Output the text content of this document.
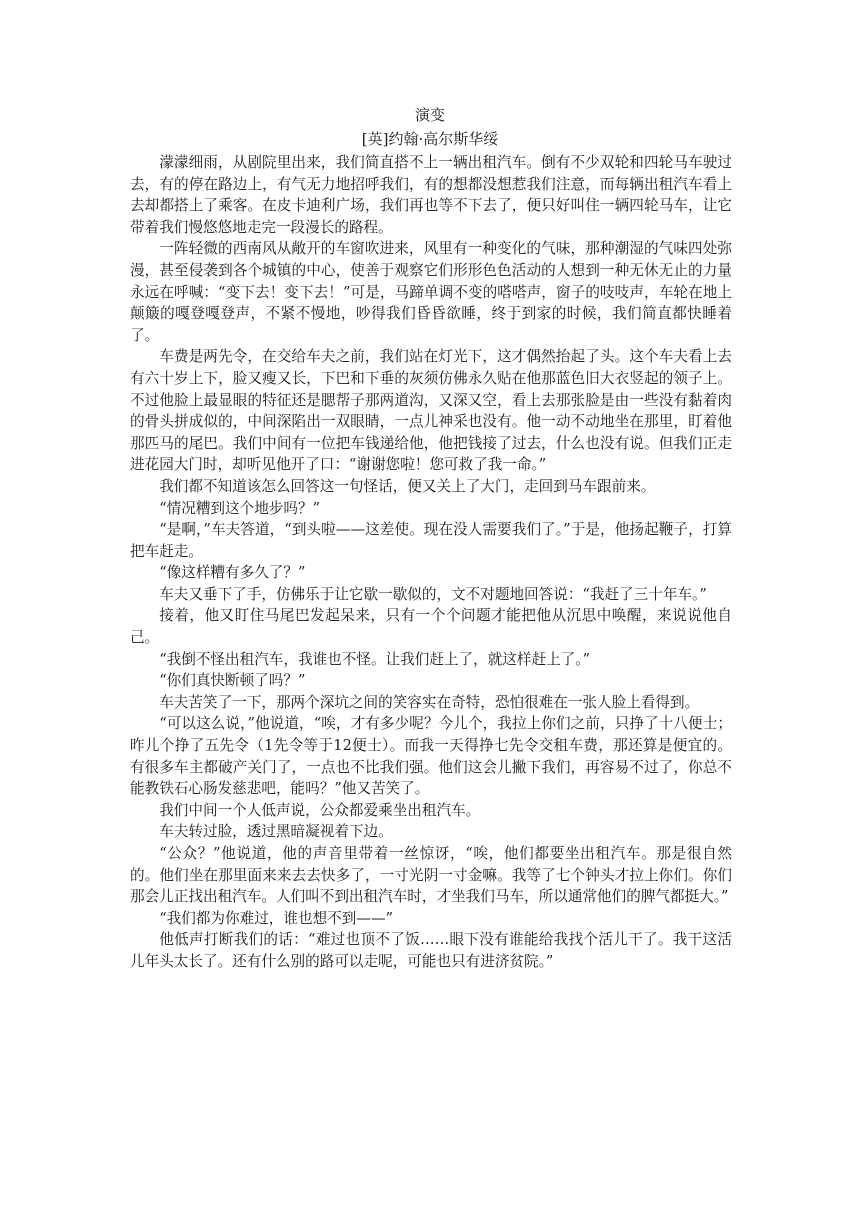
演变
[英]约翰·高尔斯华绥

濛濛细雨，从剧院里出来，我们简直搭不上一辆出租汽车。倒有不少双轮和四轮马车驶过去，有的停在路边上，有气无力地招呼我们，有的想都没想惹我们注意，而每辆出租汽车看上去却都搭上了乘客。在皮卡迪利广场，我们再也等不下去了，便只好叫住一辆四轮马车，让它带着我们慢悠悠地走完一段漫长的路程。

一阵轻微的西南风从敞开的车窗吹进来，风里有一种变化的气味，那种潮湿的气味四处弥漫，甚至侵袭到各个城镇的中心，使善于观察它们形形色色活动的人想到一种无休无止的力量永远在呼喊：“变下去！变下去！”可是，马蹄单调不变的嗒嗒声，窗子的吱吱声，车轮在地上颠簸的嘎登嘎登声，不紧不慢地，吵得我们昏昏欲睡，终于到家的时候，我们简直都快睡着了。

车费是两先令，在交给车夫之前，我们站在灯光下，这才偶然抬起了头。这个车夫看上去有六十岁上下，脸又瘦又长，下巴和下垂的灰须仿佛永久贴在他那蓝色旧大衣竖起的领子上。不过他脸上最显眼的特征还是腮帮子那两道沟，又深又空，看上去那张脸是由一些没有黏着肉的骨头拼成似的，中间深陷出一双眼睛，一点儿神采也没有。他一动不动地坐在那里，盯着他那匹马的尾巴。我们中间有一位把车钱递给他，他把钱接了过去，什么也没有说。但我们正走进花园大门时，却听见他开了口：“谢谢您啦！您可救了我一命。”

我们都不知道该怎么回答这一句怪话，便又关上了大门，走回到马车跟前来。

“情况糟到这个地步吗？”

“是啊，”车夫答道，“到头啦——这差使。现在没人需要我们了。”于是，他扬起鞭子，打算把车赶走。

“像这样糟有多久了？”

车夫又垂下了手，仿佛乐于让它歇一歇似的，文不对题地回答说：“我赶了三十年车。”

接着，他又盯住马尾巴发起呆来，只有一个个问题才能把他从沉思中唤醒，来说说他自己。

“我倒不怪出租汽车，我谁也不怪。让我们赶上了，就这样赶上了。”

“你们真快断顿了吗？”

车夫苦笑了一下，那两个深坑之间的笑容实在奇特，恐怕很难在一张人脸上看得到。

“可以这么说，”他说道，“唉，才有多少呢？今儿个，我拉上你们之前，只挣了十八便士；昨儿个挣了五先令（1先令等于12便士）。而我一天得挣七先令交租车费，那还算是便宜的。有很多车主都破产关门了，一点也不比我们强。他们这会儿撇下我们，再容易不过了，你总不能教铁石心肠发慈悲吧，能吗？”他又苦笑了。

我们中间一个人低声说，公众都爱乘坐出租汽车。

车夫转过脸，透过黑暗凝视着下边。

“公众？”他说道，他的声音里带着一丝惊讶，“唉，他们都要坐出租汽车。那是很自然的。他们坐在那里面来来去去快多了，一寸光阴一寸金嘛。我等了七个钟头才拉上你们。你们那会儿正找出租汽车。人们叫不到出租汽车时，才坐我们马车，所以通常他们的脾气都挺大。”

“我们都为你难过，谁也想不到——”

他低声打断我们的话：“难过也顶不了饭……眼下没有谁能给我找个活儿干了。我干这活儿年头太长了。还有什么别的路可以走呢，可能也只有进济贫院。”
